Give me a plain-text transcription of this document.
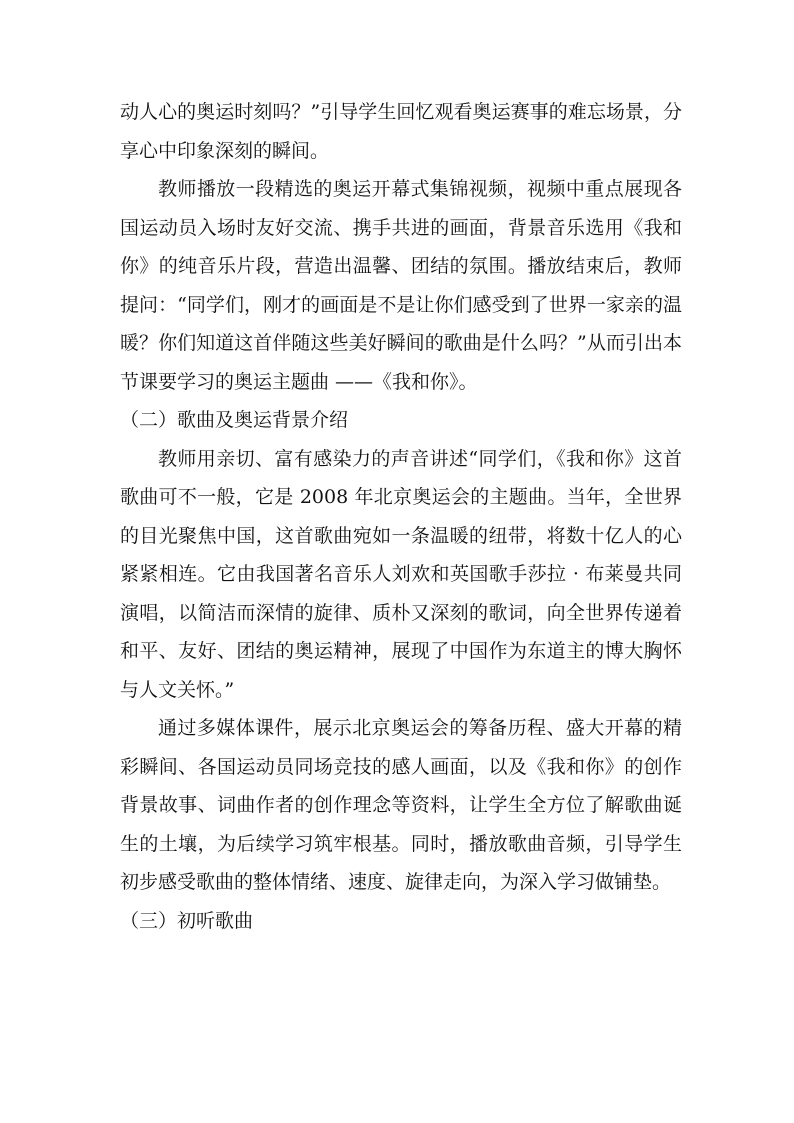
动人心的奥运时刻吗？”引导学生回忆观看奥运赛事的难忘场景，分享心中印象深刻的瞬间。

教师播放一段精选的奥运开幕式集锦视频，视频中重点展现各国运动员入场时友好交流、携手共进的画面，背景音乐选用《我和你》的纯音乐片段，营造出温馨、团结的氛围。播放结束后，教师提问：“同学们，刚才的画面是不是让你们感受到了世界一家亲的温暖？你们知道这首伴随这些美好瞬间的歌曲是什么吗？”从而引出本节课要学习的奥运主题曲 ——《我和你》。

（二）歌曲及奥运背景介绍

教师用亲切、富有感染力的声音讲述“同学们，《我和你》这首歌曲可不一般，它是 2008 年北京奥运会的主题曲。当年，全世界的目光聚焦中国，这首歌曲宛如一条温暖的纽带，将数十亿人的心紧紧相连。它由我国著名音乐人刘欢和英国歌手莎拉 · 布莱曼共同演唱，以简洁而深情的旋律、质朴又深刻的歌词，向全世界传递着和平、友好、团结的奥运精神，展现了中国作为东道主的博大胸怀与人文关怀。”

通过多媒体课件，展示北京奥运会的筹备历程、盛大开幕的精彩瞬间、各国运动员同场竞技的感人画面，以及《我和你》的创作背景故事、词曲作者的创作理念等资料，让学生全方位了解歌曲诞生的土壤，为后续学习筑牢根基。同时，播放歌曲音频，引导学生初步感受歌曲的整体情绪、速度、旋律走向，为深入学习做铺垫。

（三）初听歌曲
